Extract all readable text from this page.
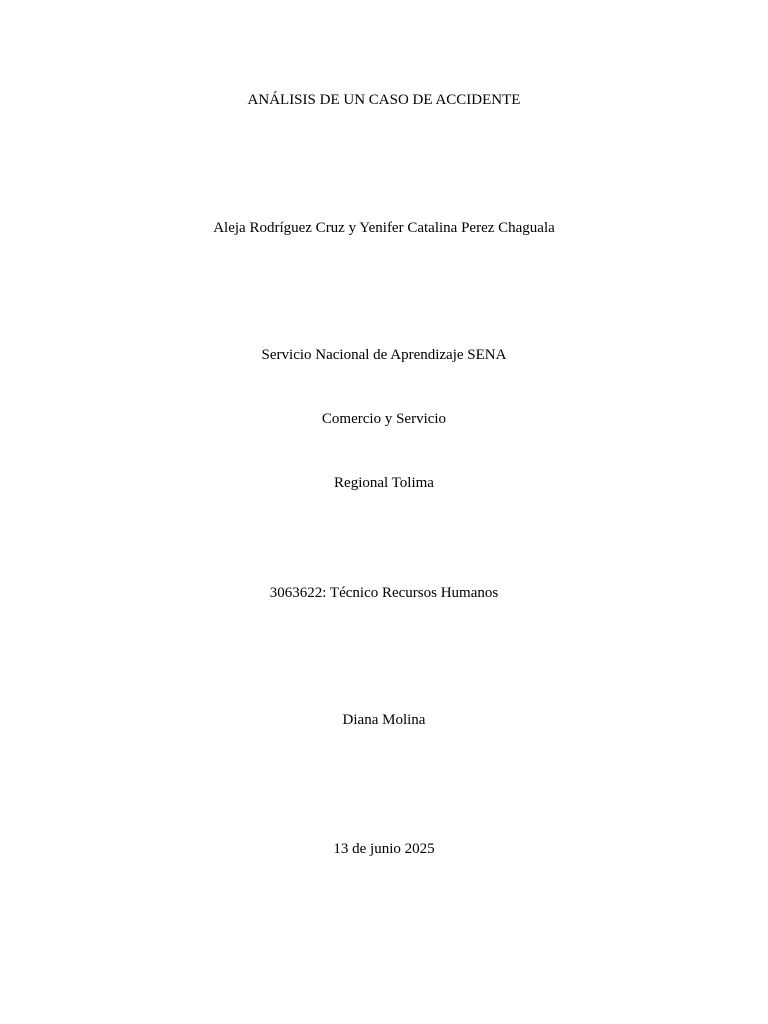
ANÁLISIS DE UN CASO DE ACCIDENTE
Aleja Rodríguez Cruz y Yenifer Catalina Perez Chaguala
Servicio Nacional de Aprendizaje SENA
Comercio y Servicio
Regional Tolima
3063622: Técnico Recursos Humanos
Diana Molina
13 de junio 2025
